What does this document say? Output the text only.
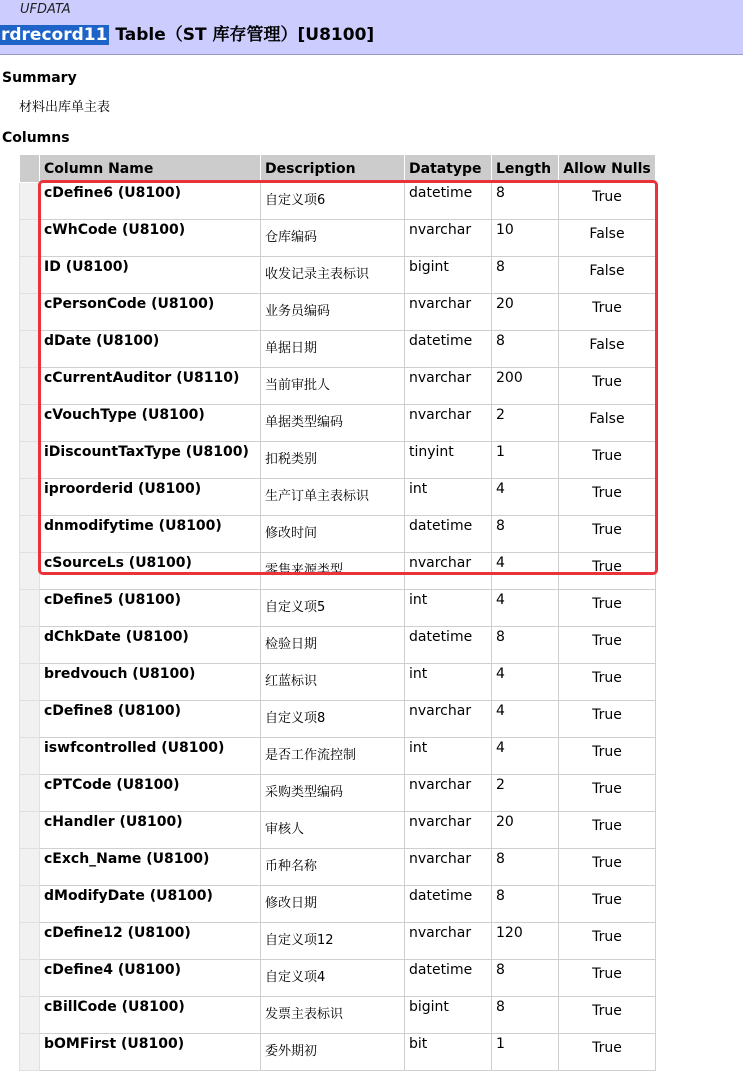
UFDATA
rdrecord11 Table（ST 库存管理）[U8100]
Summary
材料出库单主表
Columns
	Column Name	Description	Datatype	Length	Allow Nulls
	cDefine6 (U8100)	自定义项6	datetime	8	True
	cWhCode (U8100)	仓库编码	nvarchar	10	False
	ID (U8100)	收发记录主表标识	bigint	8	False
	cPersonCode (U8100)	业务员编码	nvarchar	20	True
	dDate (U8100)	单据日期	datetime	8	False
	cCurrentAuditor (U8110)	当前审批人	nvarchar	200	True
	cVouchType (U8100)	单据类型编码	nvarchar	2	False
	iDiscountTaxType (U8100)	扣税类别	tinyint	1	True
	iproorderid (U8100)	生产订单主表标识	int	4	True
	dnmodifytime (U8100)	修改时间	datetime	8	True
	cSourceLs (U8100)	零售来源类型	nvarchar	4	True
	cDefine5 (U8100)	自定义项5	int	4	True
	dChkDate (U8100)	检验日期	datetime	8	True
	bredvouch (U8100)	红蓝标识	int	4	True
	cDefine8 (U8100)	自定义项8	nvarchar	4	True
	iswfcontrolled (U8100)	是否工作流控制	int	4	True
	cPTCode (U8100)	采购类型编码	nvarchar	2	True
	cHandler (U8100)	审核人	nvarchar	20	True
	cExch_Name (U8100)	币种名称	nvarchar	8	True
	dModifyDate (U8100)	修改日期	datetime	8	True
	cDefine12 (U8100)	自定义项12	nvarchar	120	True
	cDefine4 (U8100)	自定义项4	datetime	8	True
	cBillCode (U8100)	发票主表标识	bigint	8	True
	bOMFirst (U8100)	委外期初	bit	1	True
